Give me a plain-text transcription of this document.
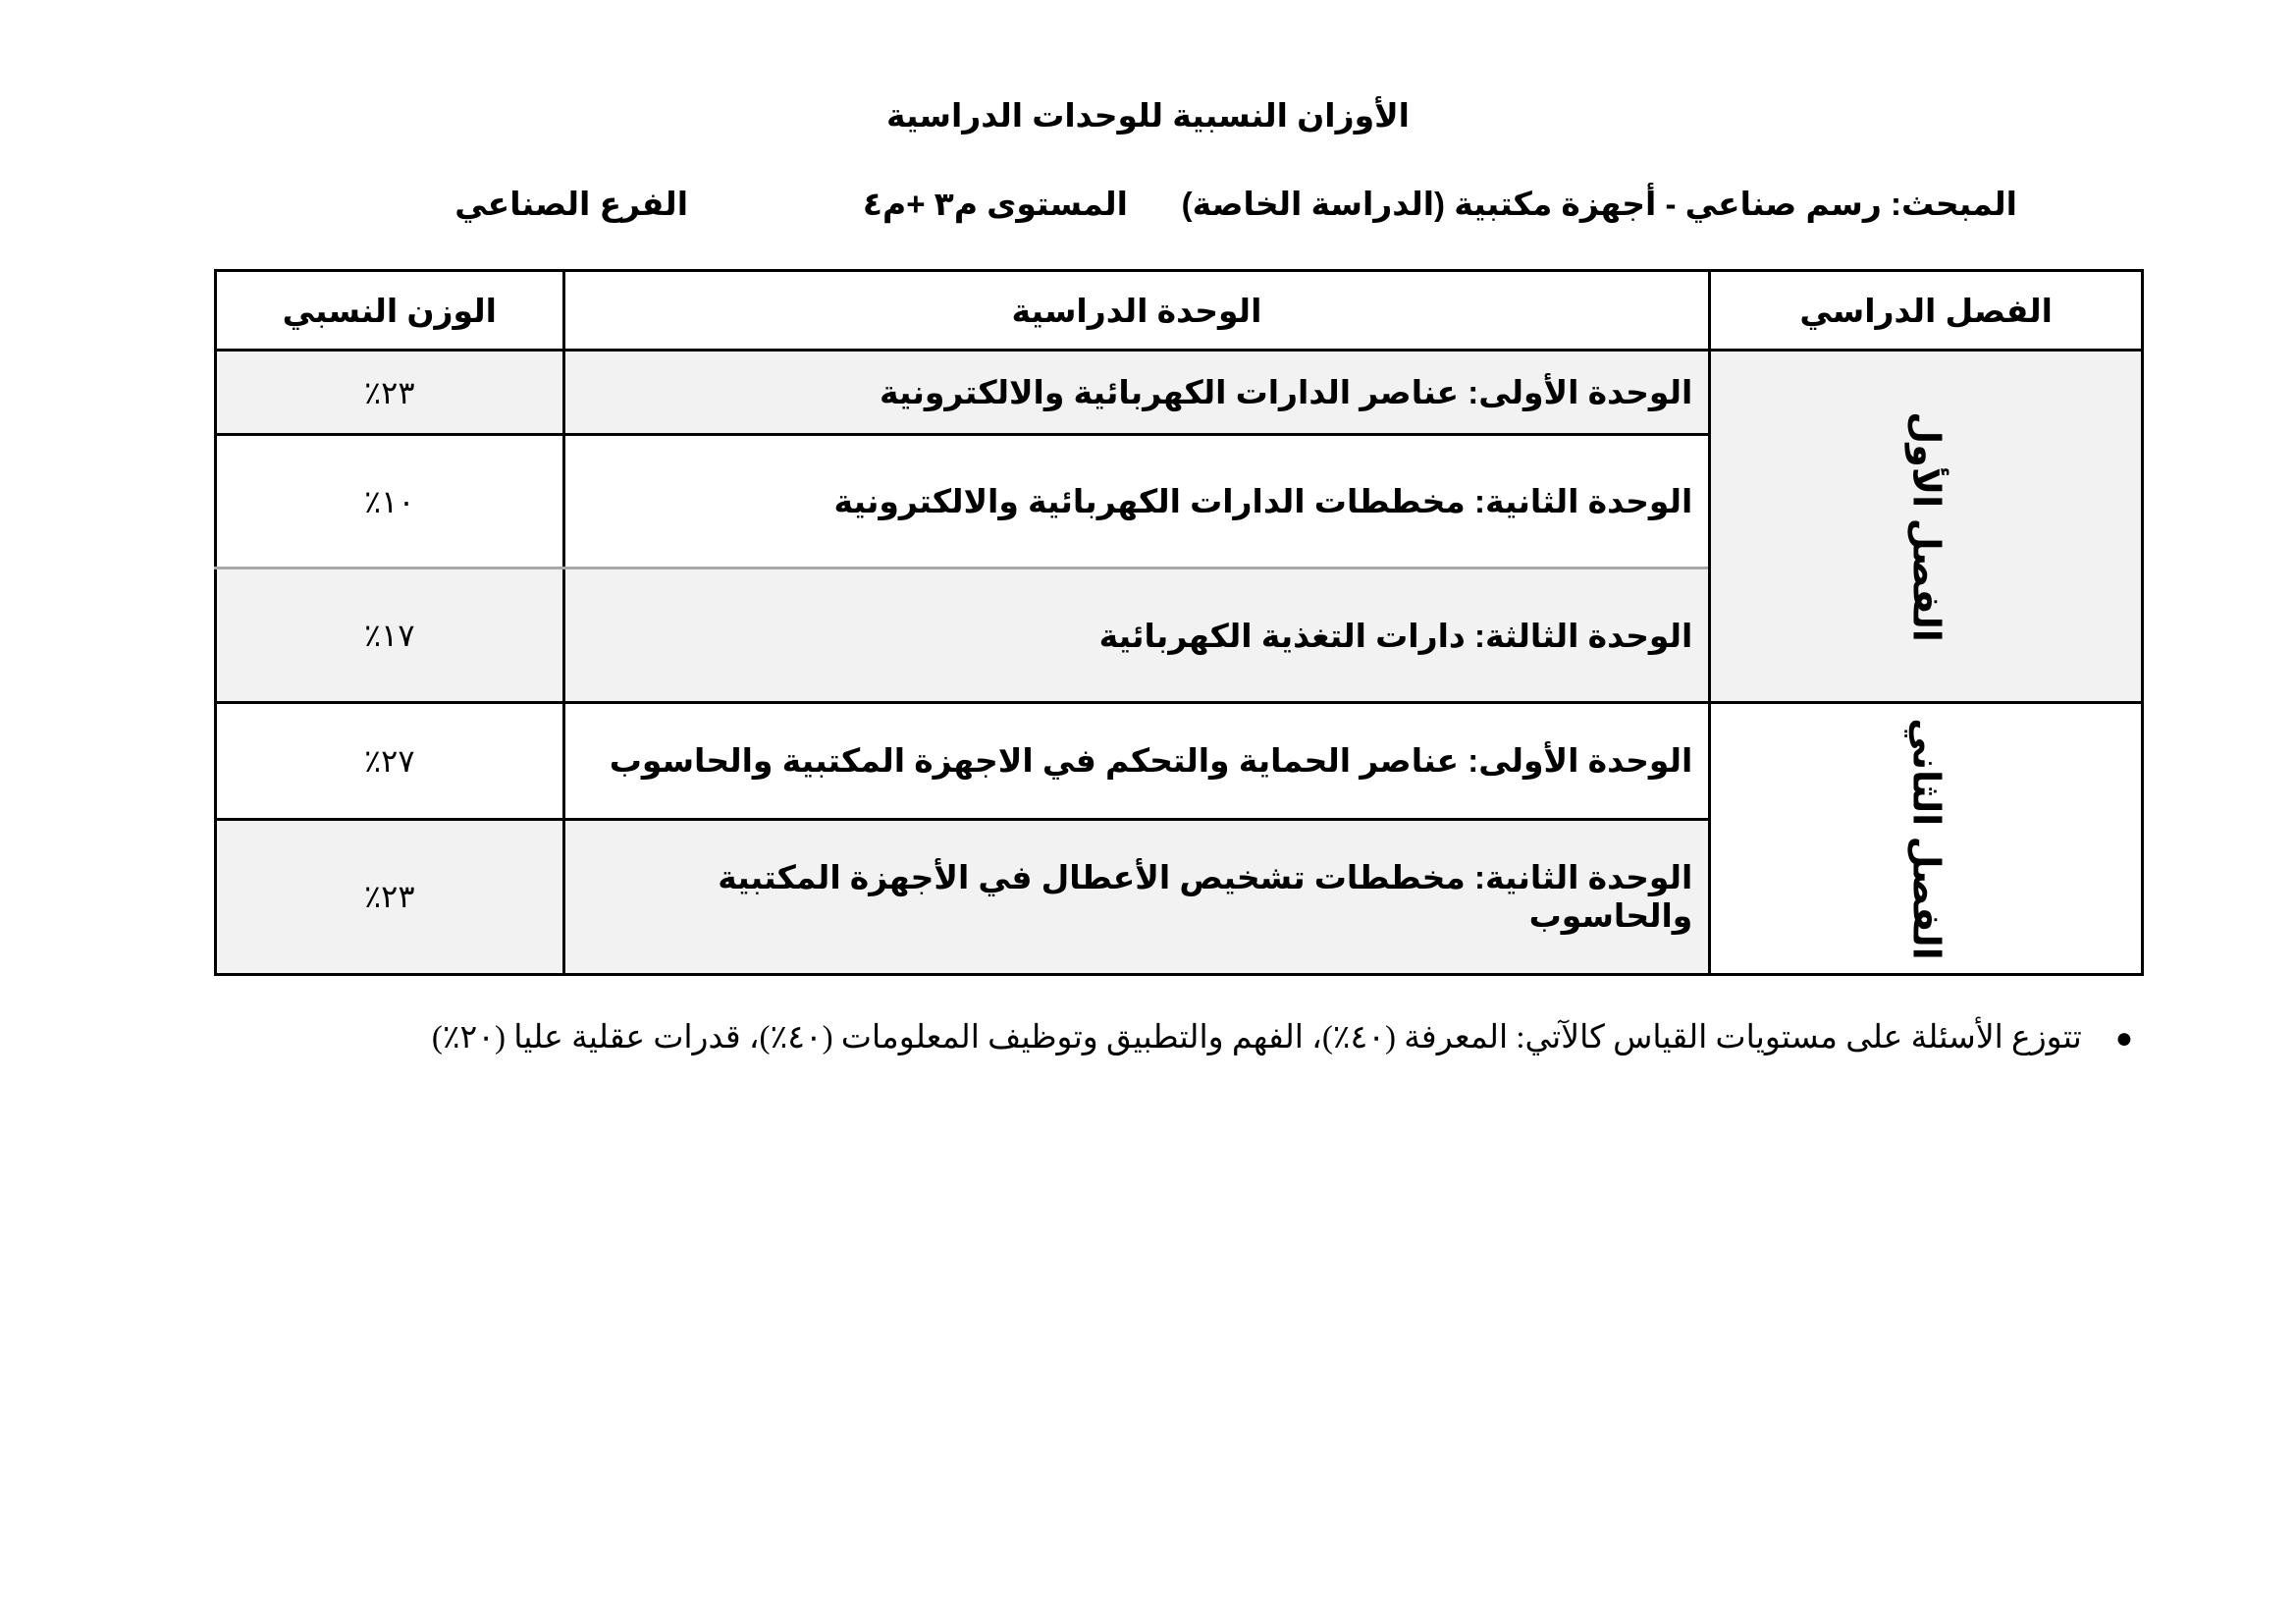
الأوزان النسبية للوحدات الدراسية
المبحث: رسم صناعي - أجهزة مكتبية (الدراسة الخاصة)
المستوى م٣ +م٤
الفرع الصناعي
الفصل الدراسي	الوحدة الدراسية	الوزن النسبي
الفصل الأول	الوحدة الأولى: عناصر الدارات الكهربائية والالكترونية	٢٣٪
	الوحدة الثانية: مخططات الدارات الكهربائية والالكترونية	١٠٪
	الوحدة الثالثة: دارات التغذية الكهربائية	١٧٪
الفصل الثاني	الوحدة الأولى: عناصر الحماية والتحكم في الاجهزة المكتبية والحاسوب	٢٧٪
	الوحدة الثانية: مخططات تشخيص الأعطال في الأجهزة المكتبية والحاسوب	٢٣٪
●تتوزع الأسئلة على مستويات القياس كالآتي: المعرفة (٤٠٪)، الفهم والتطبيق وتوظيف المعلومات (٤٠٪)، قدرات عقلية عليا (٢٠٪)
